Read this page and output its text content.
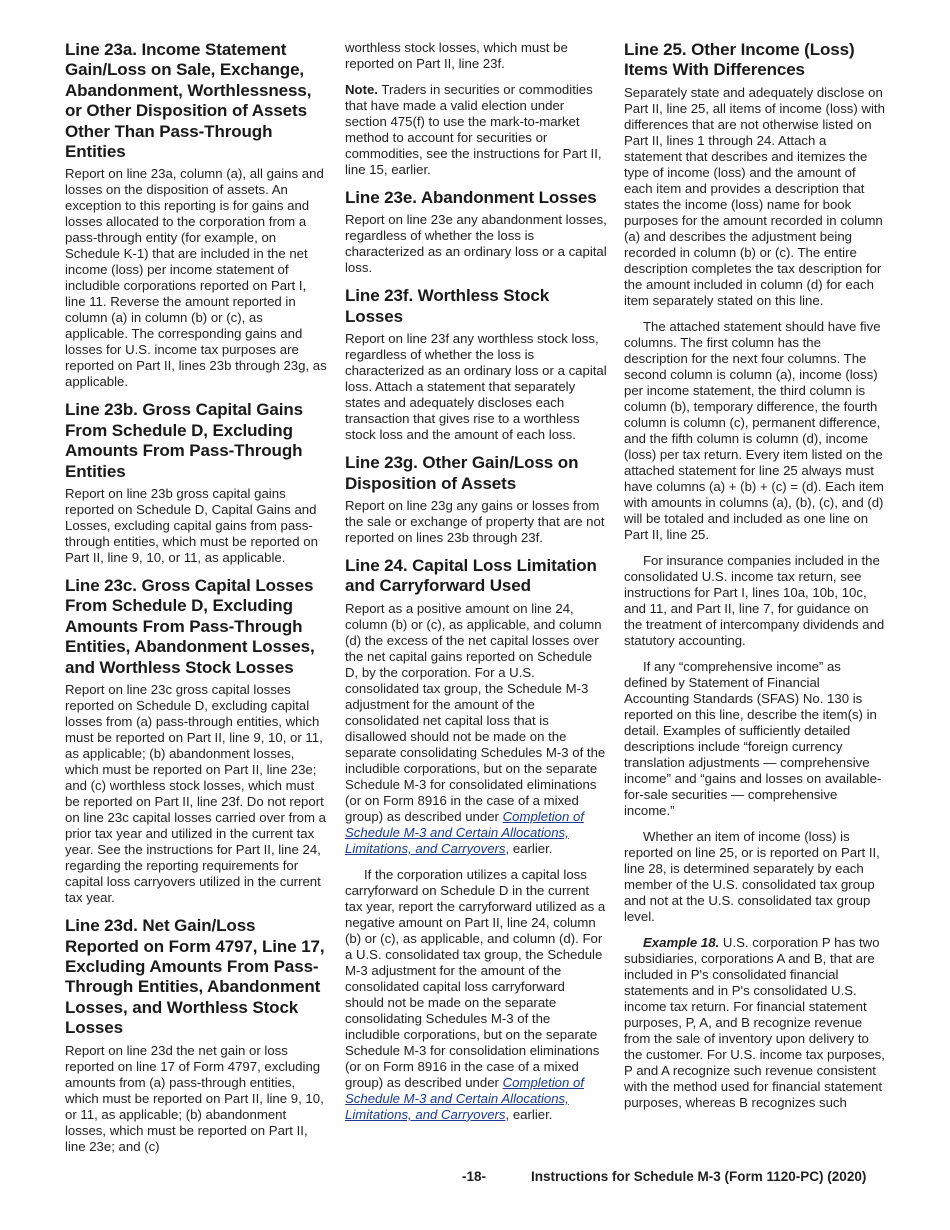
Line 23a. Income Statement Gain/Loss on Sale, Exchange, Abandonment, Worthlessness, or Other Disposition of Assets Other Than Pass-Through Entities

Report on line 23a, column (a), all gains and losses on the disposition of assets. An exception to this reporting is for gains and losses allocated to the corporation from a pass-through entity (for example, on Schedule K-1) that are included in the net income (loss) per income statement of includible corporations reported on Part I, line 11. Reverse the amount reported in column (a) in column (b) or (c), as applicable. The corresponding gains and losses for U.S. income tax purposes are reported on Part II, lines 23b through 23g, as applicable.

Line 23b. Gross Capital Gains From Schedule D, Excluding Amounts From Pass-Through Entities

Report on line 23b gross capital gains reported on Schedule D, Capital Gains and Losses, excluding capital gains from pass-through entities, which must be reported on Part II, line 9, 10, or 11, as applicable.

Line 23c. Gross Capital Losses From Schedule D, Excluding Amounts From Pass-Through Entities, Abandonment Losses, and Worthless Stock Losses

Report on line 23c gross capital losses reported on Schedule D, excluding capital losses from (a) pass-through entities, which must be reported on Part II, line 9, 10, or 11, as applicable; (b) abandonment losses, which must be reported on Part II, line 23e; and (c) worthless stock losses, which must be reported on Part II, line 23f. Do not report on line 23c capital losses carried over from a prior tax year and utilized in the current tax year. See the instructions for Part II, line 24, regarding the reporting requirements for capital loss carryovers utilized in the current tax year.

Line 23d. Net Gain/Loss Reported on Form 4797, Line 17, Excluding Amounts From Pass-Through Entities, Abandonment Losses, and Worthless Stock Losses

Report on line 23d the net gain or loss reported on line 17 of Form 4797, excluding amounts from (a) pass-through entities, which must be reported on Part II, line 9, 10, or 11, as applicable; (b) abandonment losses, which must be reported on Part II, line 23e; and (c)

worthless stock losses, which must be reported on Part II, line 23f.

Note. Traders in securities or commodities that have made a valid election under section 475(f) to use the mark-to-market method to account for securities or commodities, see the instructions for Part II, line 15, earlier.

Line 23e. Abandonment Losses

Report on line 23e any abandonment losses, regardless of whether the loss is characterized as an ordinary loss or a capital loss.

Line 23f. Worthless Stock Losses

Report on line 23f any worthless stock loss, regardless of whether the loss is characterized as an ordinary loss or a capital loss. Attach a statement that separately states and adequately discloses each transaction that gives rise to a worthless stock loss and the amount of each loss.

Line 23g. Other Gain/Loss on Disposition of Assets

Report on line 23g any gains or losses from the sale or exchange of property that are not reported on lines 23b through 23f.

Line 24. Capital Loss Limitation and Carryforward Used

Report as a positive amount on line 24, column (b) or (c), as applicable, and column (d) the excess of the net capital losses over the net capital gains reported on Schedule D, by the corporation. For a U.S. consolidated tax group, the Schedule M-3 adjustment for the amount of the consolidated net capital loss that is disallowed should not be made on the separate consolidating Schedules M-3 of the includible corporations, but on the separate Schedule M-3 for consolidated eliminations (or on Form 8916 in the case of a mixed group) as described under Completion of Schedule M-3 and Certain Allocations, Limitations, and Carryovers, earlier.

If the corporation utilizes a capital loss carryforward on Schedule D in the current tax year, report the carryforward utilized as a negative amount on Part II, line 24, column (b) or (c), as applicable, and column (d). For a U.S. consolidated tax group, the Schedule M-3 adjustment for the amount of the consolidated capital loss carryforward should not be made on the separate consolidating Schedules M-3 of the includible corporations, but on the separate Schedule M-3 for consolidation eliminations (or on Form 8916 in the case of a mixed group) as described under Completion of Schedule M-3 and Certain Allocations, Limitations, and Carryovers, earlier.

Line 25. Other Income (Loss) Items With Differences

Separately state and adequately disclose on Part II, line 25, all items of income (loss) with differences that are not otherwise listed on Part II, lines 1 through 24. Attach a statement that describes and itemizes the type of income (loss) and the amount of each item and provides a description that states the income (loss) name for book purposes for the amount recorded in column (a) and describes the adjustment being recorded in column (b) or (c). The entire description completes the tax description for the amount included in column (d) for each item separately stated on this line.

The attached statement should have five columns. The first column has the description for the next four columns. The second column is column (a), income (loss) per income statement, the third column is column (b), temporary difference, the fourth column is column (c), permanent difference, and the fifth column is column (d), income (loss) per tax return. Every item listed on the attached statement for line 25 always must have columns (a) + (b) + (c) = (d). Each item with amounts in columns (a), (b), (c), and (d) will be totaled and included as one line on Part II, line 25.

For insurance companies included in the consolidated U.S. income tax return, see instructions for Part I, lines 10a, 10b, 10c, and 11, and Part II, line 7, for guidance on the treatment of intercompany dividends and statutory accounting.

If any “comprehensive income” as defined by Statement of Financial Accounting Standards (SFAS) No. 130 is reported on this line, describe the item(s) in detail. Examples of sufficiently detailed descriptions include “foreign currency translation adjustments — comprehensive income” and “gains and losses on available-for-sale securities — comprehensive income.”

Whether an item of income (loss) is reported on line 25, or is reported on Part II, line 28, is determined separately by each member of the U.S. consolidated tax group and not at the U.S. consolidated tax group level.

Example 18. U.S. corporation P has two subsidiaries, corporations A and B, that are included in P's consolidated financial statements and in P's consolidated U.S. income tax return. For financial statement purposes, P, A, and B recognize revenue from the sale of inventory upon delivery to the customer. For U.S. income tax purposes, P and A recognize such revenue consistent with the method used for financial statement purposes, whereas B recognizes such

-18-	Instructions for Schedule M-3 (Form 1120-PC) (2020)
